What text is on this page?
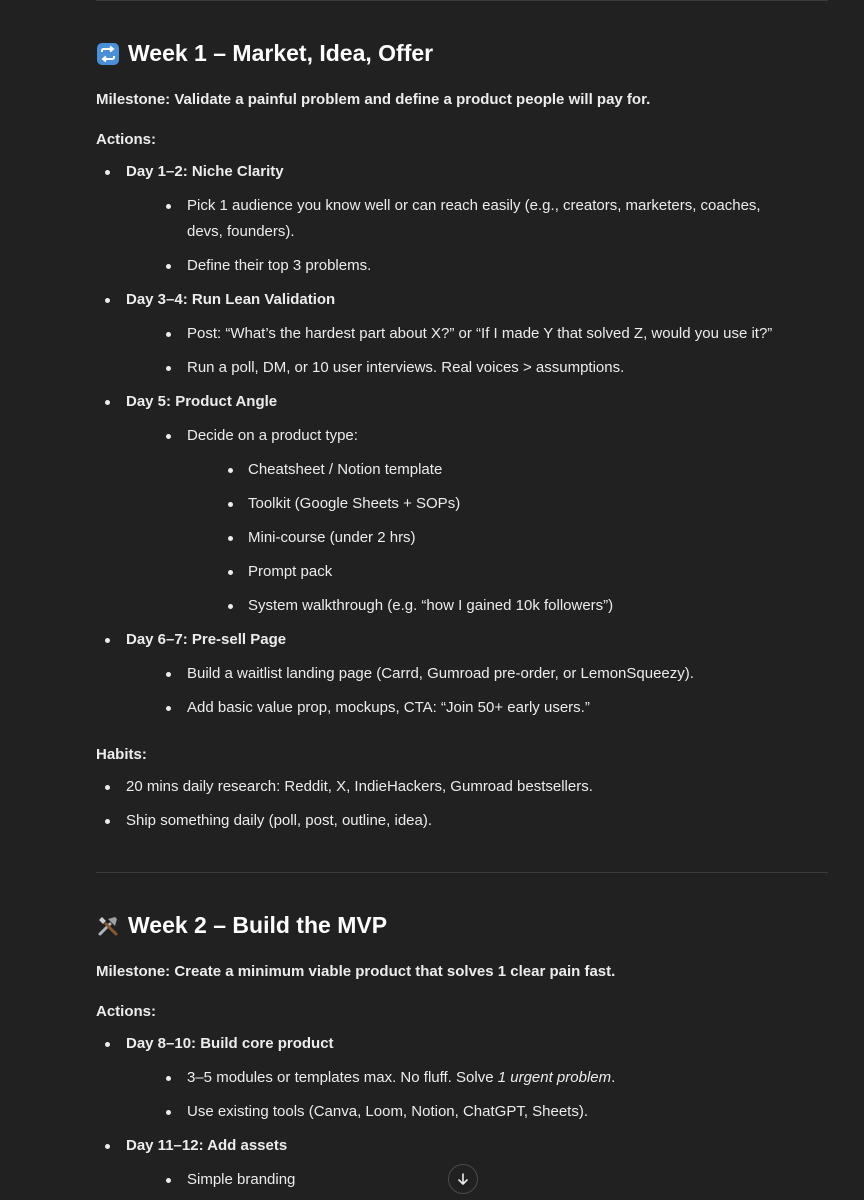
Week 1 – Market, Idea, Offer

Milestone: Validate a painful problem and define a product people will pay for.

Actions:

Day 1–2: Niche Clarity
Pick 1 audience you know well or can reach easily (e.g., creators, marketers, coaches, devs, founders).
Define their top 3 problems.
Day 3–4: Run Lean Validation
Post: “What’s the hardest part about X?” or “If I made Y that solved Z, would you use it?”
Run a poll, DM, or 10 user interviews. Real voices > assumptions.
Day 5: Product Angle
Decide on a product type:
Cheatsheet / Notion template
Toolkit (Google Sheets + SOPs)
Mini-course (under 2 hrs)
Prompt pack
System walkthrough (e.g. “how I gained 10k followers”)
Day 6–7: Pre-sell Page
Build a waitlist landing page (Carrd, Gumroad pre-order, or LemonSqueezy).
Add basic value prop, mockups, CTA: “Join 50+ early users.”

Habits:

20 mins daily research: Reddit, X, IndieHackers, Gumroad bestsellers.
Ship something daily (poll, post, outline, idea).
Week 2 – Build the MVP

Milestone: Create a minimum viable product that solves 1 clear pain fast.

Actions:

Day 8–10: Build core product
3–5 modules or templates max. No fluff. Solve 1 urgent problem.
Use existing tools (Canva, Loom, Notion, ChatGPT, Sheets).
Day 11–12: Add assets
Simple branding
